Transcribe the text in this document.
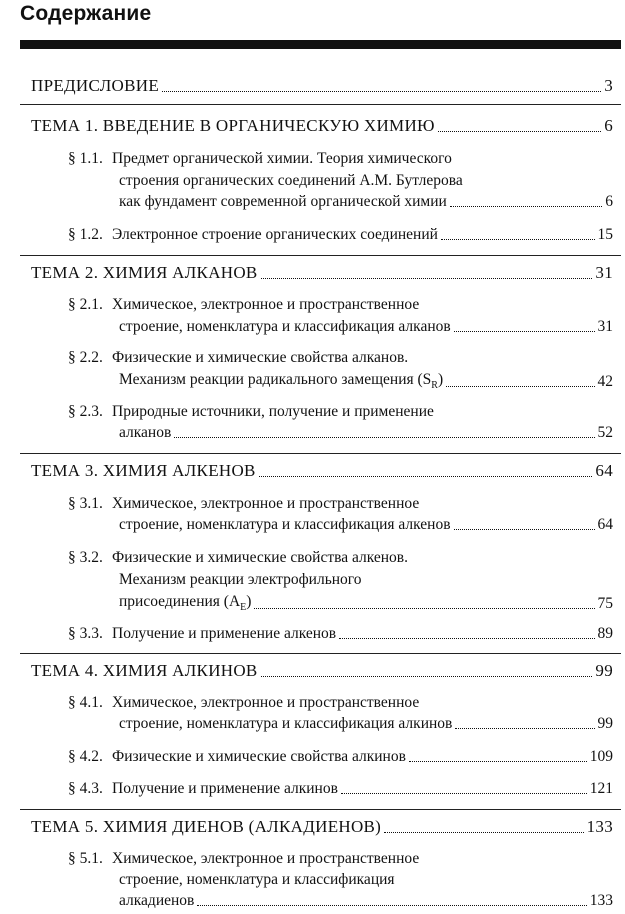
Содержание
ПРЕДИСЛОВИЕ	3
ТЕМА 1. ВВЕДЕНИЕ В ОРГАНИЧЕСКУЮ ХИМИЮ	6
§ 1.1. Предмет органической химии. Теория химического
строения органических соединений А.М. Бутлерова
как фундамент современной органической химии	6
§ 1.2. Электронное строение органических соединений	15
ТЕМА 2. ХИМИЯ АЛКАНОВ	31
§ 2.1. Химическое, электронное и пространственное
строение, номенклатура и классификация алканов	31
§ 2.2. Физические и химические свойства алканов.
Механизм реакции радикального замещения $(S_R)$	42
§ 2.3. Природные источники, получение и применение
алканов	52
ТЕМА 3. ХИМИЯ АЛКЕНОВ	64
§ 3.1. Химическое, электронное и пространственное
строение, номенклатура и классификация алкенов	64
§ 3.2. Физические и химические свойства алкенов.
Механизм реакции электрофильного
присоединения $(A_E)$	75
§ 3.3. Получение и применение алкенов	89
ТЕМА 4. ХИМИЯ АЛКИНОВ	99
§ 4.1. Химическое, электронное и пространственное
строение, номенклатура и классификация алкинов	99
§ 4.2. Физические и химические свойства алкинов	109
§ 4.3. Получение и применение алкинов	121
ТЕМА 5. ХИМИЯ ДИЕНОВ (АЛКАДИЕНОВ)	133
§ 5.1. Химическое, электронное и пространственное
строение, номенклатура и классификация
алкадиенов	133
